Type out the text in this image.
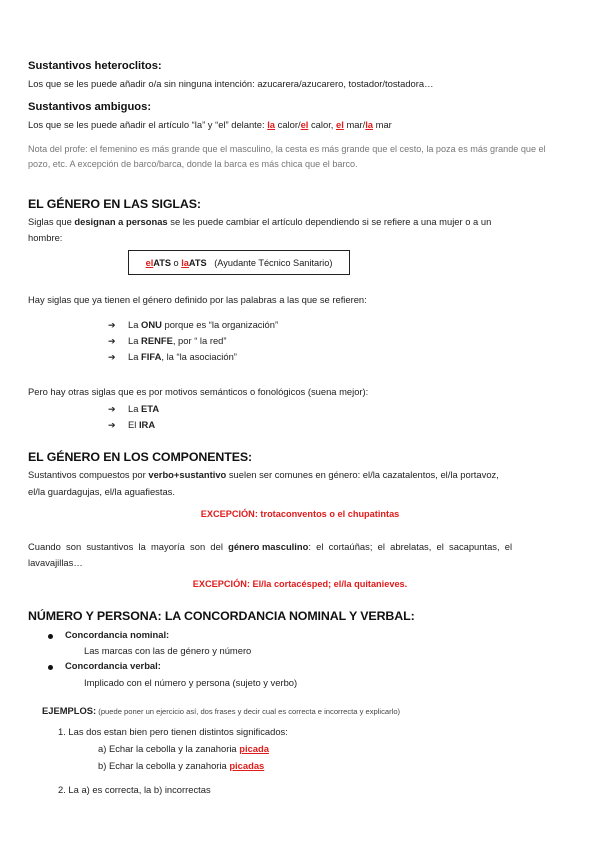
Sustantivos heteroclitos:
Los que se les puede añadir o/a sin ninguna intención: azucarera/azucarero, tostador/tostadora…
Sustantivos ambiguos:
Los que se les puede añadir el artículo “la” y “el” delante: la calor/el calor, el mar/la mar
Nota del profe: el femenino es más grande que el masculino, la cesta es más grande que el cesto, la poza es más grande que el pozo, etc. A excepción de barco/barca, donde la barca es más chica que el barco.
EL GÉNERO EN LAS SIGLAS:
Siglas que designan a personas se les puede cambiar el artículo dependiendo si se refiere a una mujer o a un
hombre:
el ATS o la ATS (Ayudante Técnico Sanitario)
Hay siglas que ya tienen el género definido por las palabras a las que se refieren:
➔ La ONU porque es “la organización”
➔ La RENFE, por “ la red”
➔ La FIFA, la “la asociación”
Pero hay otras siglas que es por motivos semánticos o fonológicos (suena mejor):
➔ La ETA
➔ El IRA
EL GÉNERO EN LOS COMPONENTES:
Sustantivos compuestos por verbo+sustantivo suelen ser comunes en género: el/la cazatalentos, el/la portavoz,
el/la guardagujas, el/la aguafiestas.
EXCEPCIÓN: trotaconventos o el chupatintas
Cuando  son  sustantivos  la  mayoría  son  del  género masculino:  el  cortaúñas;  el  abrelatas,  el  sacapuntas,  el
lavavajillas…
EXCEPCIÓN: El/la cortacésped; el/la quitanieves.
NÚMERO Y PERSONA: LA CONCORDANCIA NOMINAL Y VERBAL:
Concordancia nominal:
Las marcas con las de género y número
Concordancia verbal:
Implicado con el número y persona (sujeto y verbo)
EJEMPLOS: (puede poner un ejercicio así, dos frases y decir cual es correcta e incorrecta y explicarlo)
1. Las dos estan bien pero tienen distintos significados:
a) Echar la cebolla y la zanahoria picada
b) Echar la cebolla y zanahoria picadas
2. La a) es correcta, la b) incorrectas
